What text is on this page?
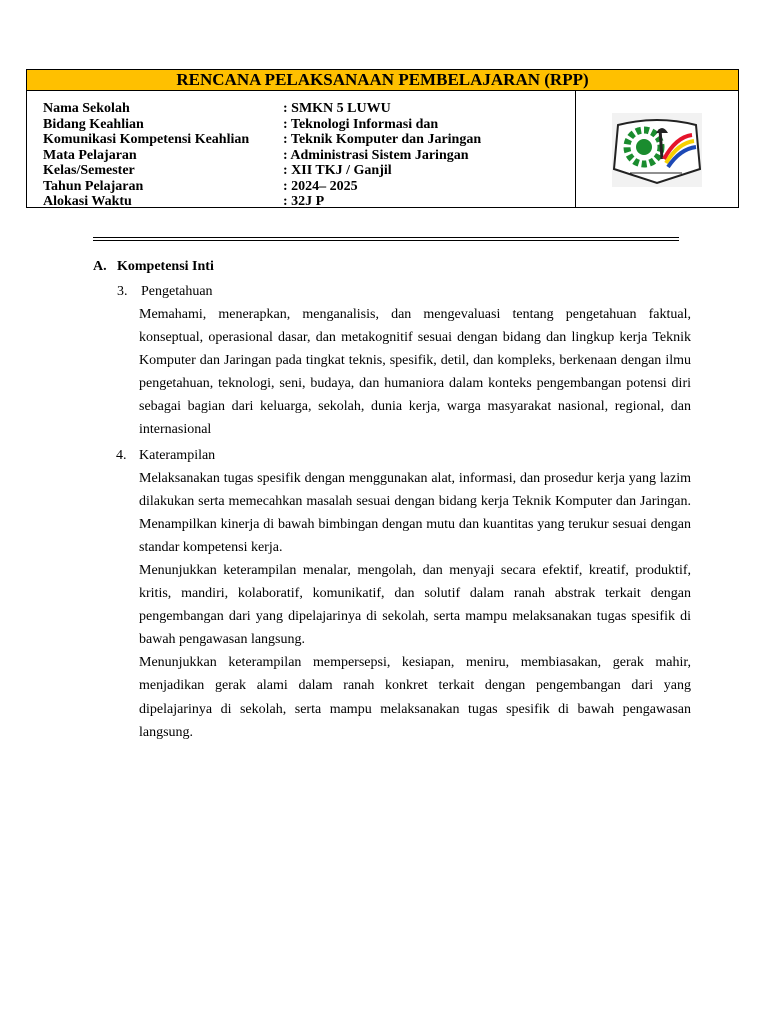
RENCANA PELAKSANAAN PEMBELAJARAN (RPP)
Nama Sekolah	: SMKN 5 LUWU
Bidang Keahlian	: Teknologi Informasi dan
Komunikasi Kompetensi Keahlian	: Teknik Komputer dan Jaringan
Mata Pelajaran	: Administrasi Sistem Jaringan
Kelas/Semester	: XII TKJ / Ganjil
Tahun Pelajaran	: 2024– 2025
Alokasi Waktu	: 32J P
A. Kompetensi Inti
3. Pengetahuan
Memahami, menerapkan, menganalisis, dan mengevaluasi tentang pengetahuan faktual, konseptual, operasional dasar, dan metakognitif sesuai dengan bidang dan lingkup kerja Teknik Komputer dan Jaringan pada tingkat teknis, spesifik, detil, dan kompleks, berkenaan dengan ilmu pengetahuan, teknologi, seni, budaya, dan humaniora dalam konteks pengembangan potensi diri sebagai bagian dari keluarga, sekolah, dunia kerja, warga masyarakat nasional, regional, dan internasional
4. Katerampilan
Melaksanakan tugas spesifik dengan menggunakan alat, informasi, dan prosedur kerja yang lazim dilakukan serta memecahkan masalah sesuai dengan bidang kerja Teknik Komputer dan Jaringan. Menampilkan kinerja di bawah bimbingan dengan mutu dan kuantitas yang terukur sesuai dengan standar kompetensi kerja.
Menunjukkan keterampilan menalar, mengolah, dan menyaji secara efektif, kreatif, produktif, kritis, mandiri, kolaboratif, komunikatif, dan solutif dalam ranah abstrak terkait dengan pengembangan dari yang dipelajarinya di sekolah, serta mampu melaksanakan tugas spesifik di bawah pengawasan langsung.
Menunjukkan keterampilan mempersepsi, kesiapan, meniru, membiasakan, gerak mahir, menjadikan gerak alami dalam ranah konkret terkait dengan pengembangan dari yang dipelajarinya di sekolah, serta mampu melaksanakan tugas spesifik di bawah pengawasan langsung.
